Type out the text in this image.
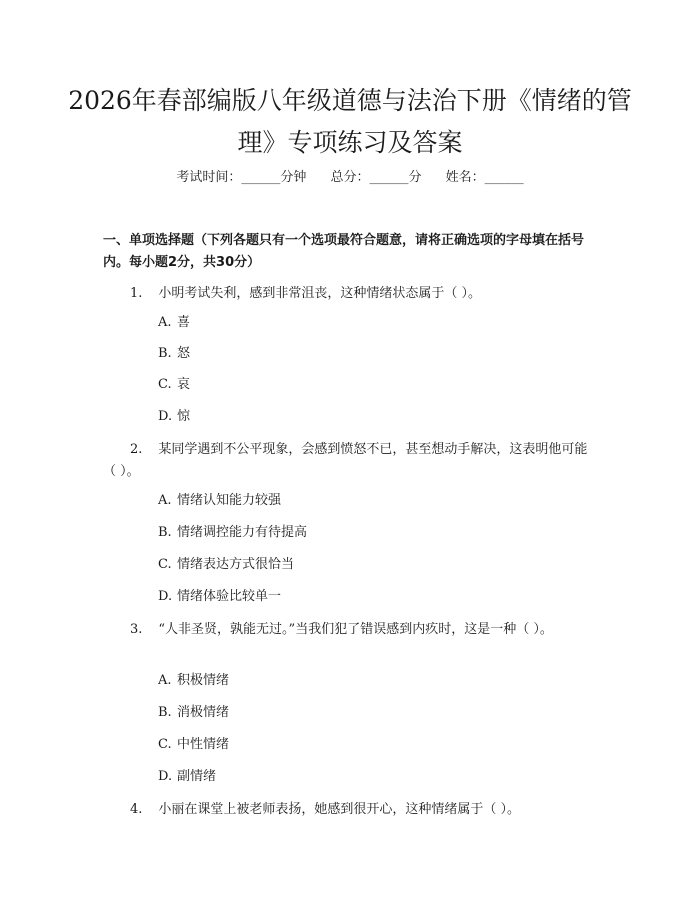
2026年春部编版八年级道德与法治下册《情绪的管理》专项练习及答案
考试时间：______分钟 总分：______分 姓名：______
一、单项选择题（下列各题只有一个选项最符合题意，请将正确选项的字母填在括号内。每小题2分，共30分）
1. 小明考试失利，感到非常沮丧，这种情绪状态属于（ ）。
A. 喜
B. 怒
C. 哀
D. 惊
2. 某同学遇到不公平现象，会感到愤怒不已，甚至想动手解决，这表明他可能（ ）。
A. 情绪认知能力较强
B. 情绪调控能力有待提高
C. 情绪表达方式很恰当
D. 情绪体验比较单一
3. “人非圣贤，孰能无过。”当我们犯了错误感到内疚时，这是一种（ ）。
A. 积极情绪
B. 消极情绪
C. 中性情绪
D. 副情绪
4. 小丽在课堂上被老师表扬，她感到很开心，这种情绪属于（ ）。
